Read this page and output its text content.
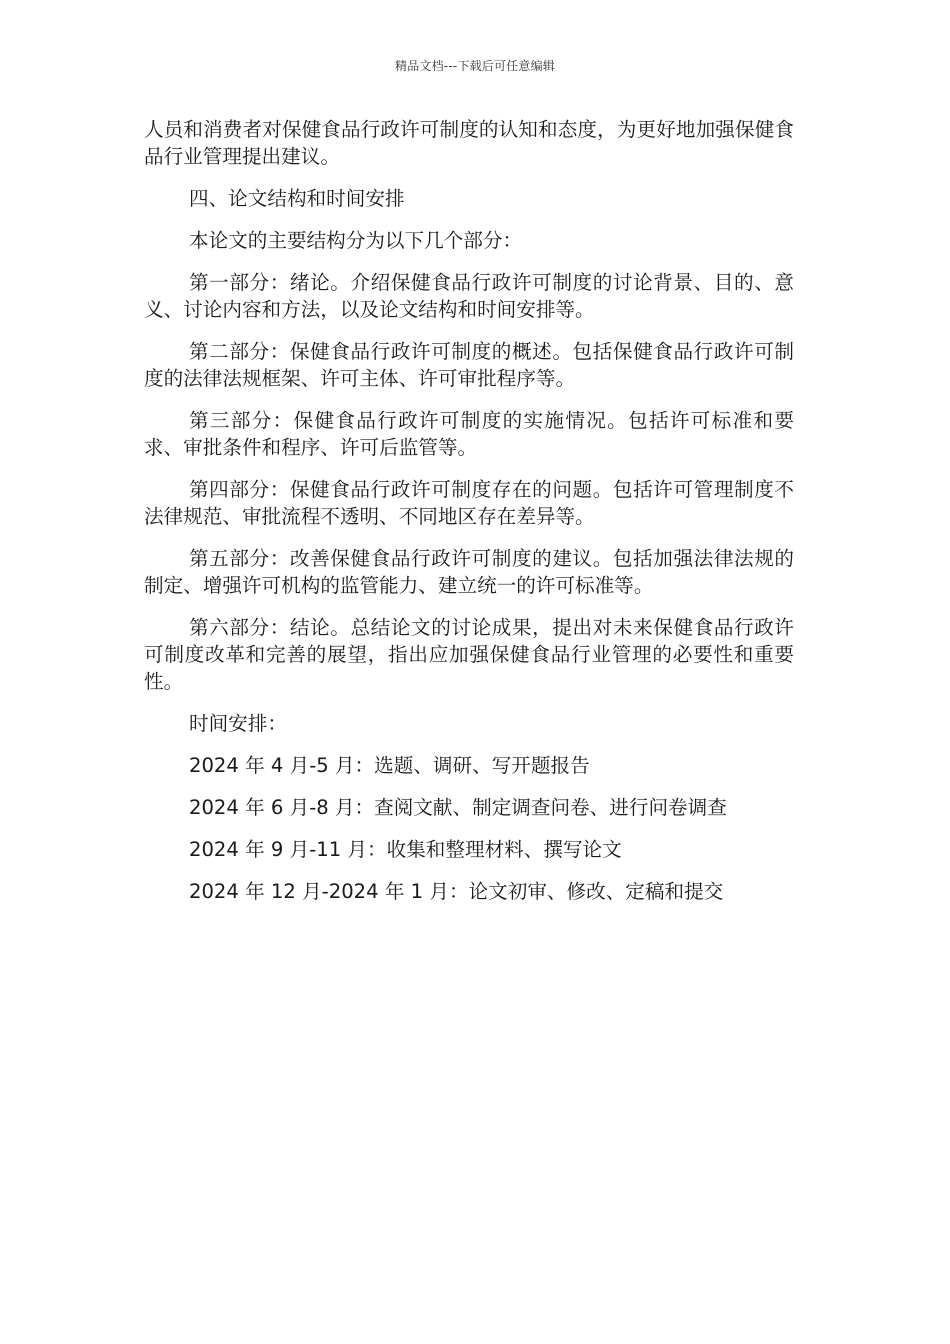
精品文档---下载后可任意编辑

人员和消费者对保健食品行政许可制度的认知和态度，为更好地加强保健食品行业管理提出建议。

四、论文结构和时间安排

本论文的主要结构分为以下几个部分：

第一部分：绪论。介绍保健食品行政许可制度的讨论背景、目的、意义、讨论内容和方法，以及论文结构和时间安排等。

第二部分：保健食品行政许可制度的概述。包括保健食品行政许可制度的法律法规框架、许可主体、许可审批程序等。

第三部分：保健食品行政许可制度的实施情况。包括许可标准和要求、审批条件和程序、许可后监管等。

第四部分：保健食品行政许可制度存在的问题。包括许可管理制度不法律规范、审批流程不透明、不同地区存在差异等。

第五部分：改善保健食品行政许可制度的建议。包括加强法律法规的制定、增强许可机构的监管能力、建立统一的许可标准等。

第六部分：结论。总结论文的讨论成果，提出对未来保健食品行政许可制度改革和完善的展望，指出应加强保健食品行业管理的必要性和重要性。

时间安排：

2024 年 4 月-5 月：选题、调研、写开题报告

2024 年 6 月-8 月：查阅文献、制定调查问卷、进行问卷调查

2024 年 9 月-11 月：收集和整理材料、撰写论文

2024 年 12 月-2024 年 1 月：论文初审、修改、定稿和提交
